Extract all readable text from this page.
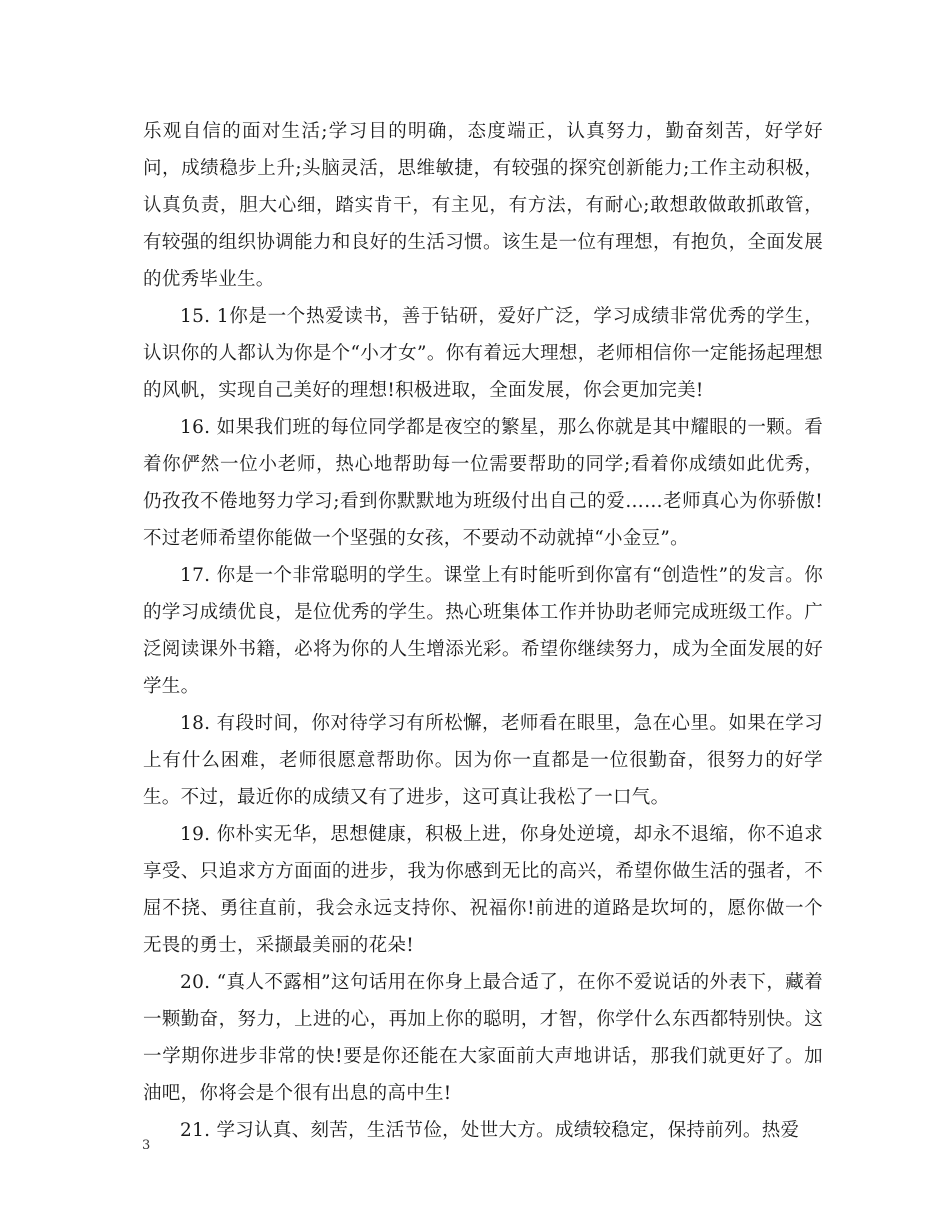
乐观自信的面对生活;学习目的明确，态度端正，认真努力，勤奋刻苦，好学好问，成绩稳步上升;头脑灵活，思维敏捷，有较强的探究创新能力;工作主动积极，认真负责，胆大心细，踏实肯干，有主见，有方法，有耐心;敢想敢做敢抓敢管，有较强的组织协调能力和良好的生活习惯。该生是一位有理想，有抱负，全面发展的优秀毕业生。

15. 1你是一个热爱读书，善于钻研，爱好广泛，学习成绩非常优秀的学生，认识你的人都认为你是个“小才女”。你有着远大理想，老师相信你一定能扬起理想的风帆，实现自己美好的理想!积极进取，全面发展，你会更加完美!

16. 如果我们班的每位同学都是夜空的繁星，那么你就是其中耀眼的一颗。看着你俨然一位小老师，热心地帮助每一位需要帮助的同学;看着你成绩如此优秀，仍孜孜不倦地努力学习;看到你默默地为班级付出自己的爱……老师真心为你骄傲!不过老师希望你能做一个坚强的女孩，不要动不动就掉“小金豆”。

17. 你是一个非常聪明的学生。课堂上有时能听到你富有“创造性”的发言。你的学习成绩优良，是位优秀的学生。热心班集体工作并协助老师完成班级工作。广泛阅读课外书籍，必将为你的人生增添光彩。希望你继续努力，成为全面发展的好学生。

18. 有段时间，你对待学习有所松懈，老师看在眼里，急在心里。如果在学习上有什么困难，老师很愿意帮助你。因为你一直都是一位很勤奋，很努力的好学生。不过，最近你的成绩又有了进步，这可真让我松了一口气。

19. 你朴实无华，思想健康，积极上进，你身处逆境，却永不退缩，你不追求享受、只追求方方面面的进步，我为你感到无比的高兴，希望你做生活的强者，不屈不挠、勇往直前，我会永远支持你、祝福你!前进的道路是坎坷的，愿你做一个无畏的勇士，采撷最美丽的花朵!

20. “真人不露相”这句话用在你身上最合适了，在你不爱说话的外表下，藏着一颗勤奋，努力，上进的心，再加上你的聪明，才智，你学什么东西都特别快。这一学期你进步非常的快!要是你还能在大家面前大声地讲话，那我们就更好了。加油吧，你将会是个很有出息的高中生!

21. 学习认真、刻苦，生活节俭，处世大方。成绩较稳定，保持前列。热爱

3
